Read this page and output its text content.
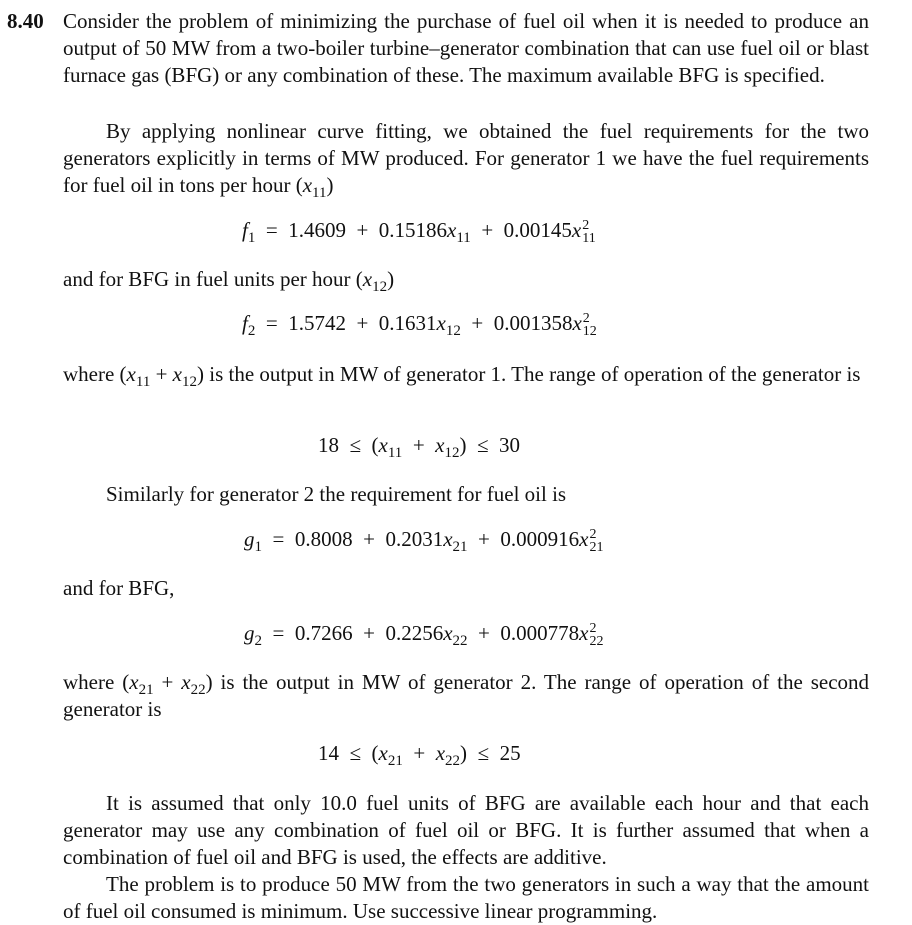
8.40 Consider the problem of minimizing the purchase of fuel oil when it is needed to produce an output of 50 MW from a two-boiler turbine–generator combination that can use fuel oil or blast furnace gas (BFG) or any combination of these. The maximum available BFG is specified.
By applying nonlinear curve fitting, we obtained the fuel requirements for the two generators explicitly in terms of MW produced. For generator 1 we have the fuel requirements for fuel oil in tons per hour $(x_{11})$
$f_1 = 1.4609 + 0.15186x_{11} + 0.00145x$ 2
11
and for BFG in fuel units per hour $(x_{12})$
$f_2 = 1.5742 + 0.1631x_{12} + 0.001358x$ 2
12
where $(x_{11} + x_{12})$ is the output in MW of generator 1. The range of operation of the generator is
$18 \le (x_{11} + x_{12}) \le 30$
Similarly for generator 2 the requirement for fuel oil is
$g_1 = 0.8008 + 0.2031x_{21} + 0.000916x$ 2
21
and for BFG,
$g_2 = 0.7266 + 0.2256x_{22} + 0.000778x$ 2
22
where $(x_{21} + x_{22})$ is the output in MW of generator 2. The range of operation of the second generator is
$14 \le (x_{21} + x_{22}) \le 25$
It is assumed that only 10.0 fuel units of BFG are available each hour and that each generator may use any combination of fuel oil or BFG. It is further assumed that when a combination of fuel oil and BFG is used, the effects are additive.
The problem is to produce 50 MW from the two generators in such a way that the amount of fuel oil consumed is minimum. Use successive linear programming.
